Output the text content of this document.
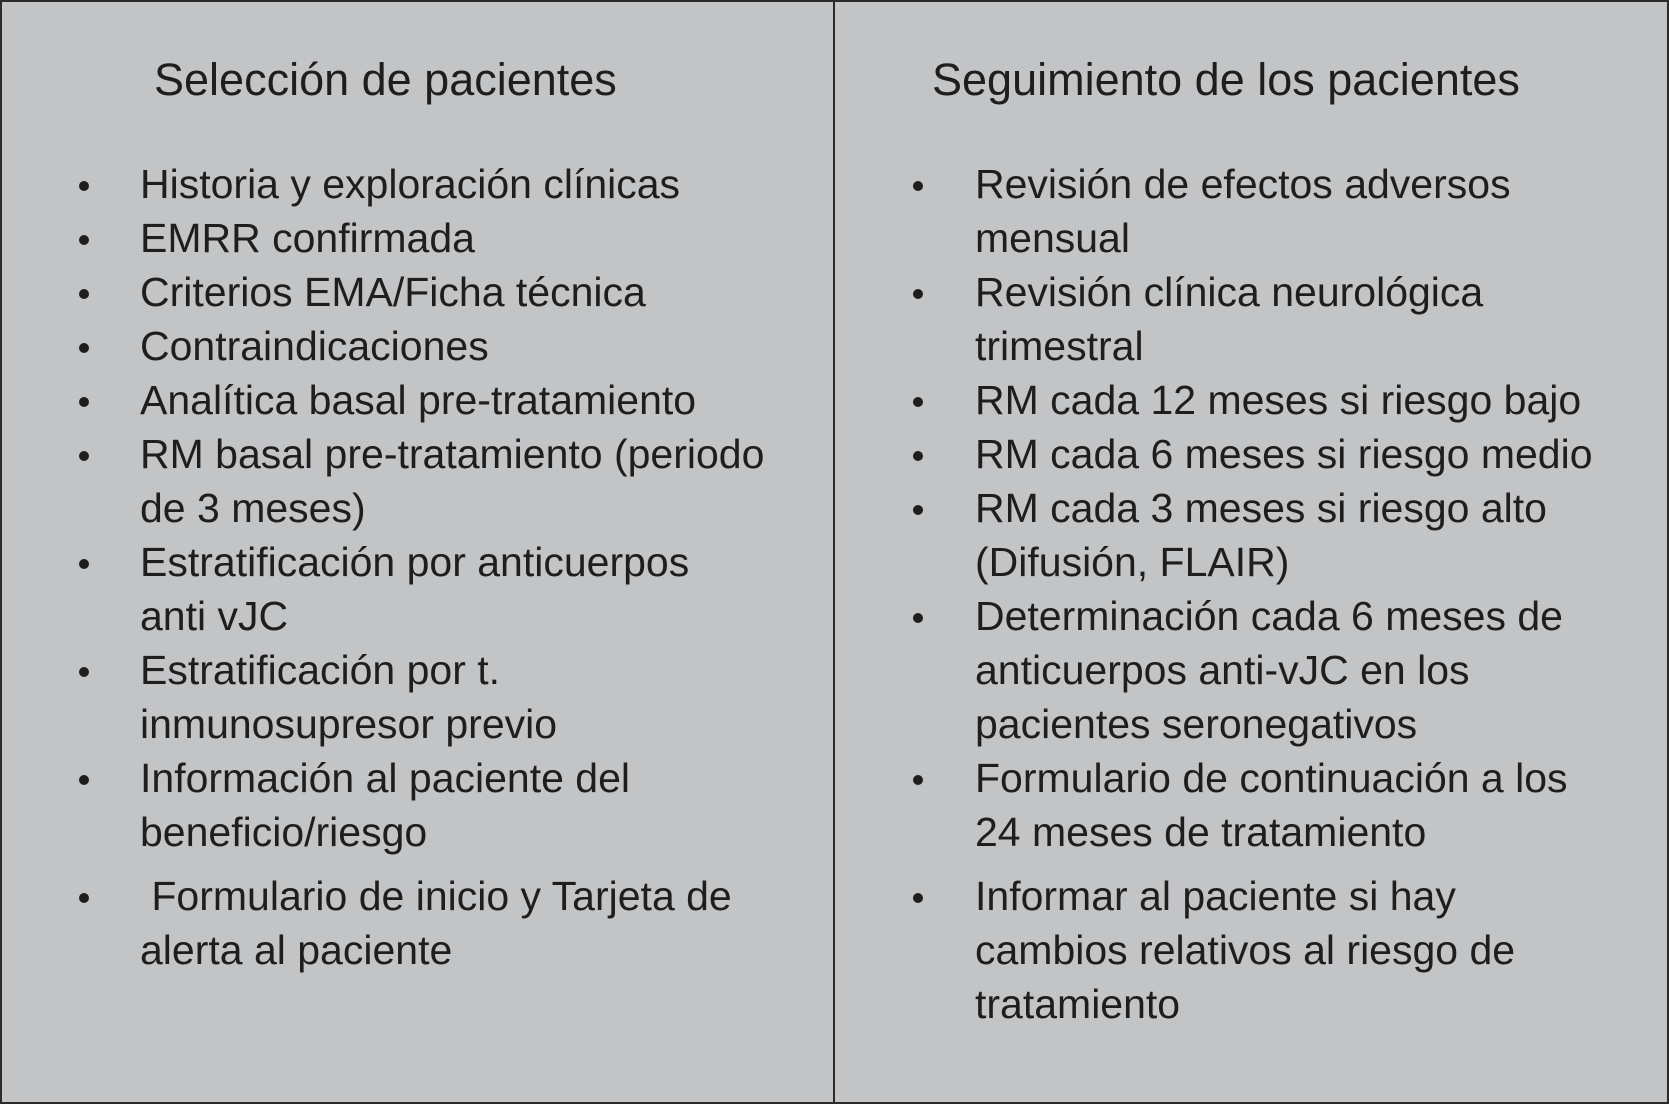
Selección de pacientes
Historia y exploración clínicas
EMRR confirmada
Criterios EMA/Ficha técnica
Contraindicaciones
Analítica basal pre-tratamiento
RM basal pre-tratamiento (periodo
de 3 meses)
Estratificación por anticuerpos
anti vJC
Estratificación por t.
inmunosupresor previo
Información al paciente del
beneficio/riesgo
Formulario de inicio y Tarjeta de
alerta al paciente
Seguimiento de los pacientes
Revisión de efectos adversos
mensual
Revisión clínica neurológica
trimestral
RM cada 12 meses si riesgo bajo
RM cada 6 meses si riesgo medio
RM cada 3 meses si riesgo alto
(Difusión, FLAIR)
Determinación cada 6 meses de
anticuerpos anti-vJC en los
pacientes seronegativos
Formulario de continuación a los
24 meses de tratamiento
Informar al paciente si hay
cambios relativos al riesgo de
tratamiento
